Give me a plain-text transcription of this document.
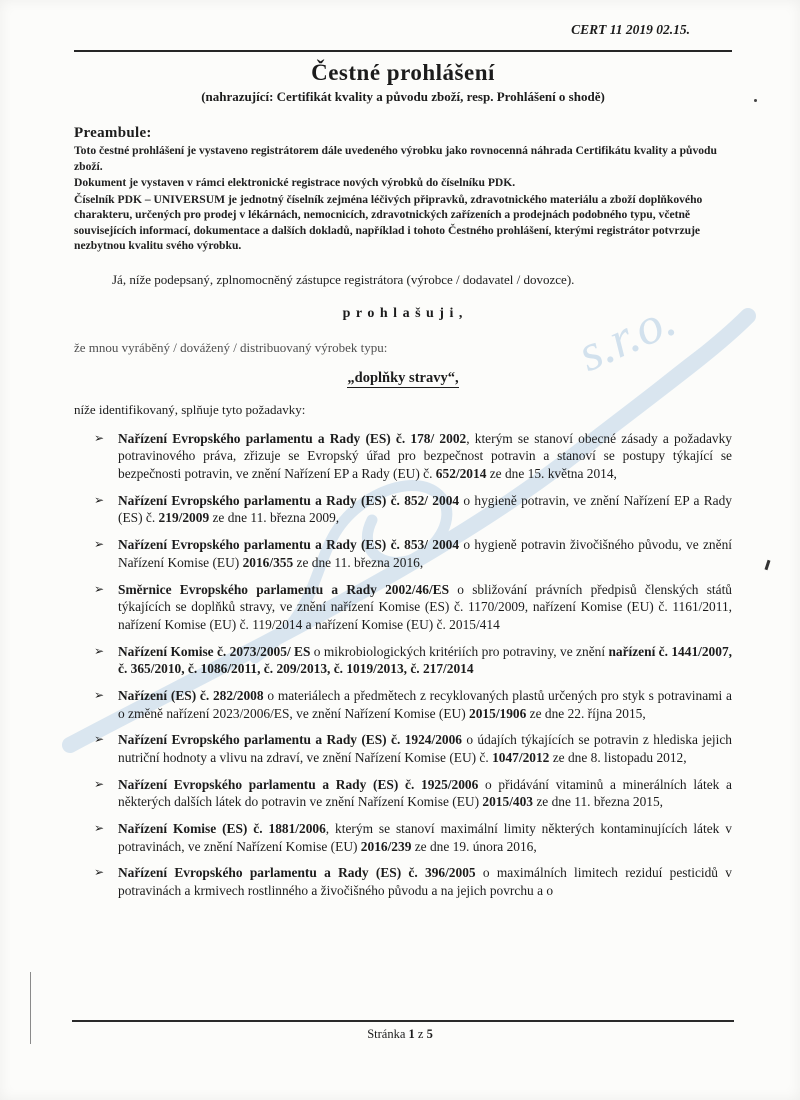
s.r.o.
CERT 11 2019 02.15.
Čestné prohlášení
(nahrazující: Certifikát kvality a původu zboží, resp. Prohlášení o shodě)
Preambule:

Toto čestné prohlášení je vystaveno registrátorem dále uvedeného výrobku jako rovnocenná náhrada Certifikátu kvality a původu zboží.

Dokument je vystaven v rámci elektronické registrace nových výrobků do číselníku PDK.

Číselník PDK – UNIVERSUM je jednotný číselník zejména léčivých připravků, zdravotnického materiálu a zboží doplňkového charakteru, určených pro prodej v lékárnách, nemocnicích, zdravotnických zařízeních a prodejnách podobného typu, včetně souvisejících informací, dokumentace a dalších dokladů, například i tohoto Čestného prohlášení, kterými registrátor potvrzuje nezbytnou kvalitu svého výrobku.

Já, níže podepsaný, zplnomocněný zástupce registrátora (výrobce / dodavatel / dovozce).
p r o h l a š u j i ,
že mnou vyráběný / dovážený / distribuovaný výrobek typu:
„doplňky stravy“,
níže identifikovaný, splňuje tyto požadavky:
➢	Nařízení Evropského parlamentu a Rady (ES) č. 178/ 2002, kterým se stanoví obecné zásady a požadavky potravinového práva, zřizuje se Evropský úřad pro bezpečnost potravin a stanoví se postupy týkající se bezpečnosti potravin, ve znění Nařízení EP a Rady (EU) č. 652/2014 ze dne 15. května 2014,
➢	Nařízení Evropského parlamentu a Rady (ES) č. 852/ 2004 o hygieně potravin, ve znění Nařízení EP a Rady (ES) č. 219/2009 ze dne 11. března 2009,
➢	Nařízení Evropského parlamentu a Rady (ES) č. 853/ 2004 o hygieně potravin živočišného původu, ve znění Nařízení Komise (EU) 2016/355 ze dne 11. března 2016,
➢	Směrnice Evropského parlamentu a Rady 2002/46/ES o sbližování právních předpisů členských států týkajících se doplňků stravy, ve znění nařízení Komise (ES) č. 1170/2009, nařízení Komise (EU) č. 1161/2011, nařízení Komise (EU) č. 119/2014 a nařízení Komise (EU) č. 2015/414
➢	Nařízení Komise č. 2073/2005/ ES o mikrobiologických kritériích pro potraviny, ve znění nařízení č. 1441/2007, č. 365/2010, č. 1086/2011, č. 209/2013, č. 1019/2013, č. 217/2014
➢	Nařízení (ES) č. 282/2008 o materiálech a předmětech z recyklovaných plastů určených pro styk s potravinami a o změně nařízení 2023/2006/ES, ve znění Nařízení Komise (EU) 2015/1906 ze dne 22. října 2015,
➢	Nařízení Evropského parlamentu a Rady (ES) č. 1924/2006 o údajích týkajících se potravin z hlediska jejich nutriční hodnoty a vlivu na zdraví, ve znění Nařízení Komise (EU) č. 1047/2012 ze dne 8. listopadu 2012,
➢	Nařízení Evropského parlamentu a Rady (ES) č. 1925/2006 o přidávání vitaminů a minerálních látek a některých dalších látek do potravin ve znění Nařízení Komise (EU) 2015/403 ze dne 11. března 2015,
➢	Nařízení Komise (ES) č. 1881/2006, kterým se stanoví maximální limity některých kontaminujících látek v potravinách, ve znění Nařízení Komise (EU) 2016/239 ze dne 19. února 2016,
➢	Nařízení Evropského parlamentu a Rady (ES) č. 396/2005 o maximálních limitech reziduí pesticidů v potravinách a krmivech rostlinného a živočišného původu a na jejich povrchu a o
Stránka 1 z 5
